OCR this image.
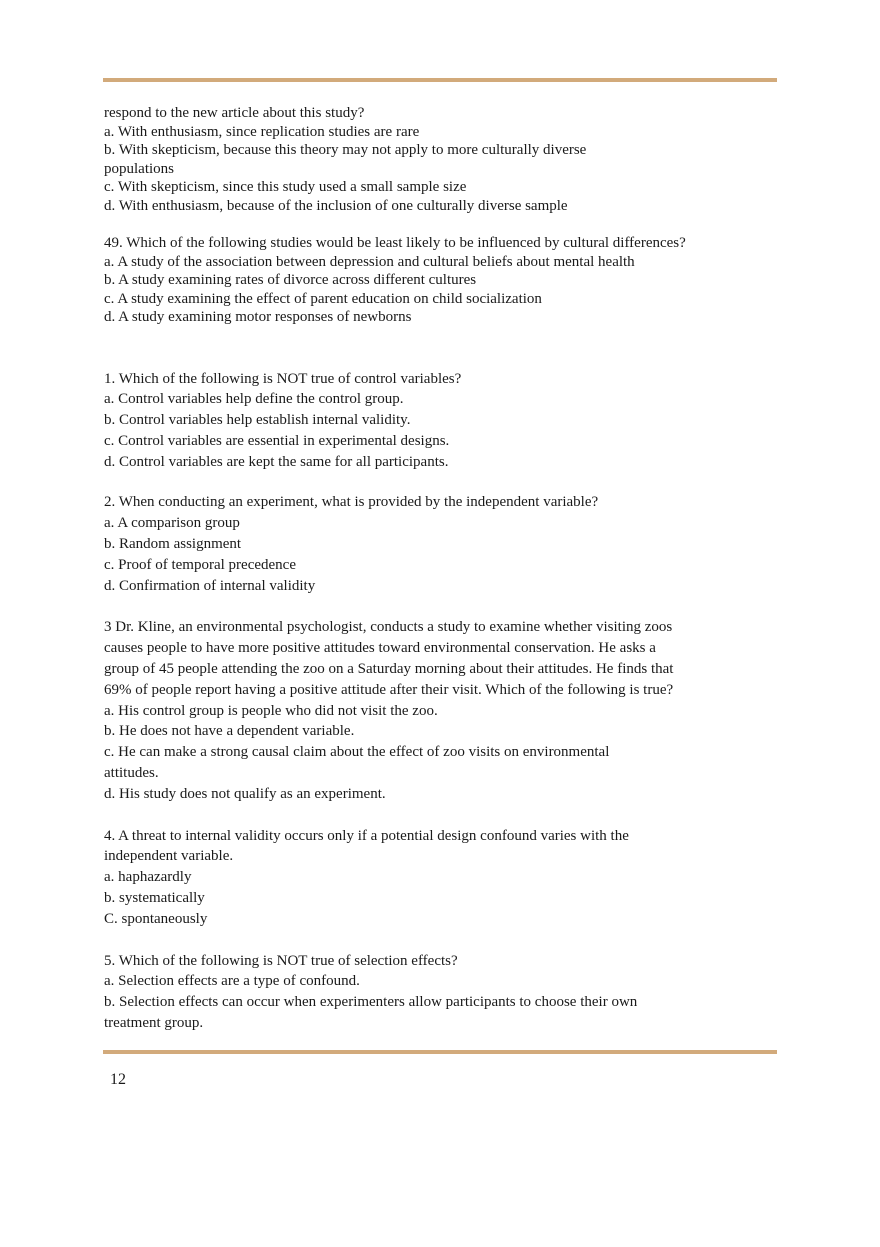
respond to the new article about this study?
a. With enthusiasm, since replication studies are rare
b. With skepticism, because this theory may not apply to more culturally diverse
populations
c. With skepticism, since this study used a small sample size
d. With enthusiasm, because of the inclusion of one culturally diverse sample
49. Which of the following studies would be least likely to be influenced by cultural differences?
a. A study of the association between depression and cultural beliefs about mental health
b. A study examining rates of divorce across different cultures
c. A study examining the effect of parent education on child socialization
d. A study examining motor responses of newborns
1. Which of the following is NOT true of control variables?
a. Control variables help define the control group.
b. Control variables help establish internal validity.
c. Control variables are essential in experimental designs.
d. Control variables are kept the same for all participants.
2. When conducting an experiment, what is provided by the independent variable?
a. A comparison group
b. Random assignment
c. Proof of temporal precedence
d. Confirmation of internal validity
3 Dr. Kline, an environmental psychologist, conducts a study to examine whether visiting zoos
causes people to have more positive attitudes toward environmental conservation. He asks a
group of 45 people attending the zoo on a Saturday morning about their attitudes. He finds that
69% of people report having a positive attitude after their visit. Which of the following is true?
a. His control group is people who did not visit the zoo.
b. He does not have a dependent variable.
c. He can make a strong causal claim about the effect of zoo visits on environmental
attitudes.
d. His study does not qualify as an experiment.
4. A threat to internal validity occurs only if a potential design confound varies with the
independent variable.
a. haphazardly
b. systematically
C. spontaneously
5. Which of the following is NOT true of selection effects?
a. Selection effects are a type of confound.
b. Selection effects can occur when experimenters allow participants to choose their own
treatment group.
12
